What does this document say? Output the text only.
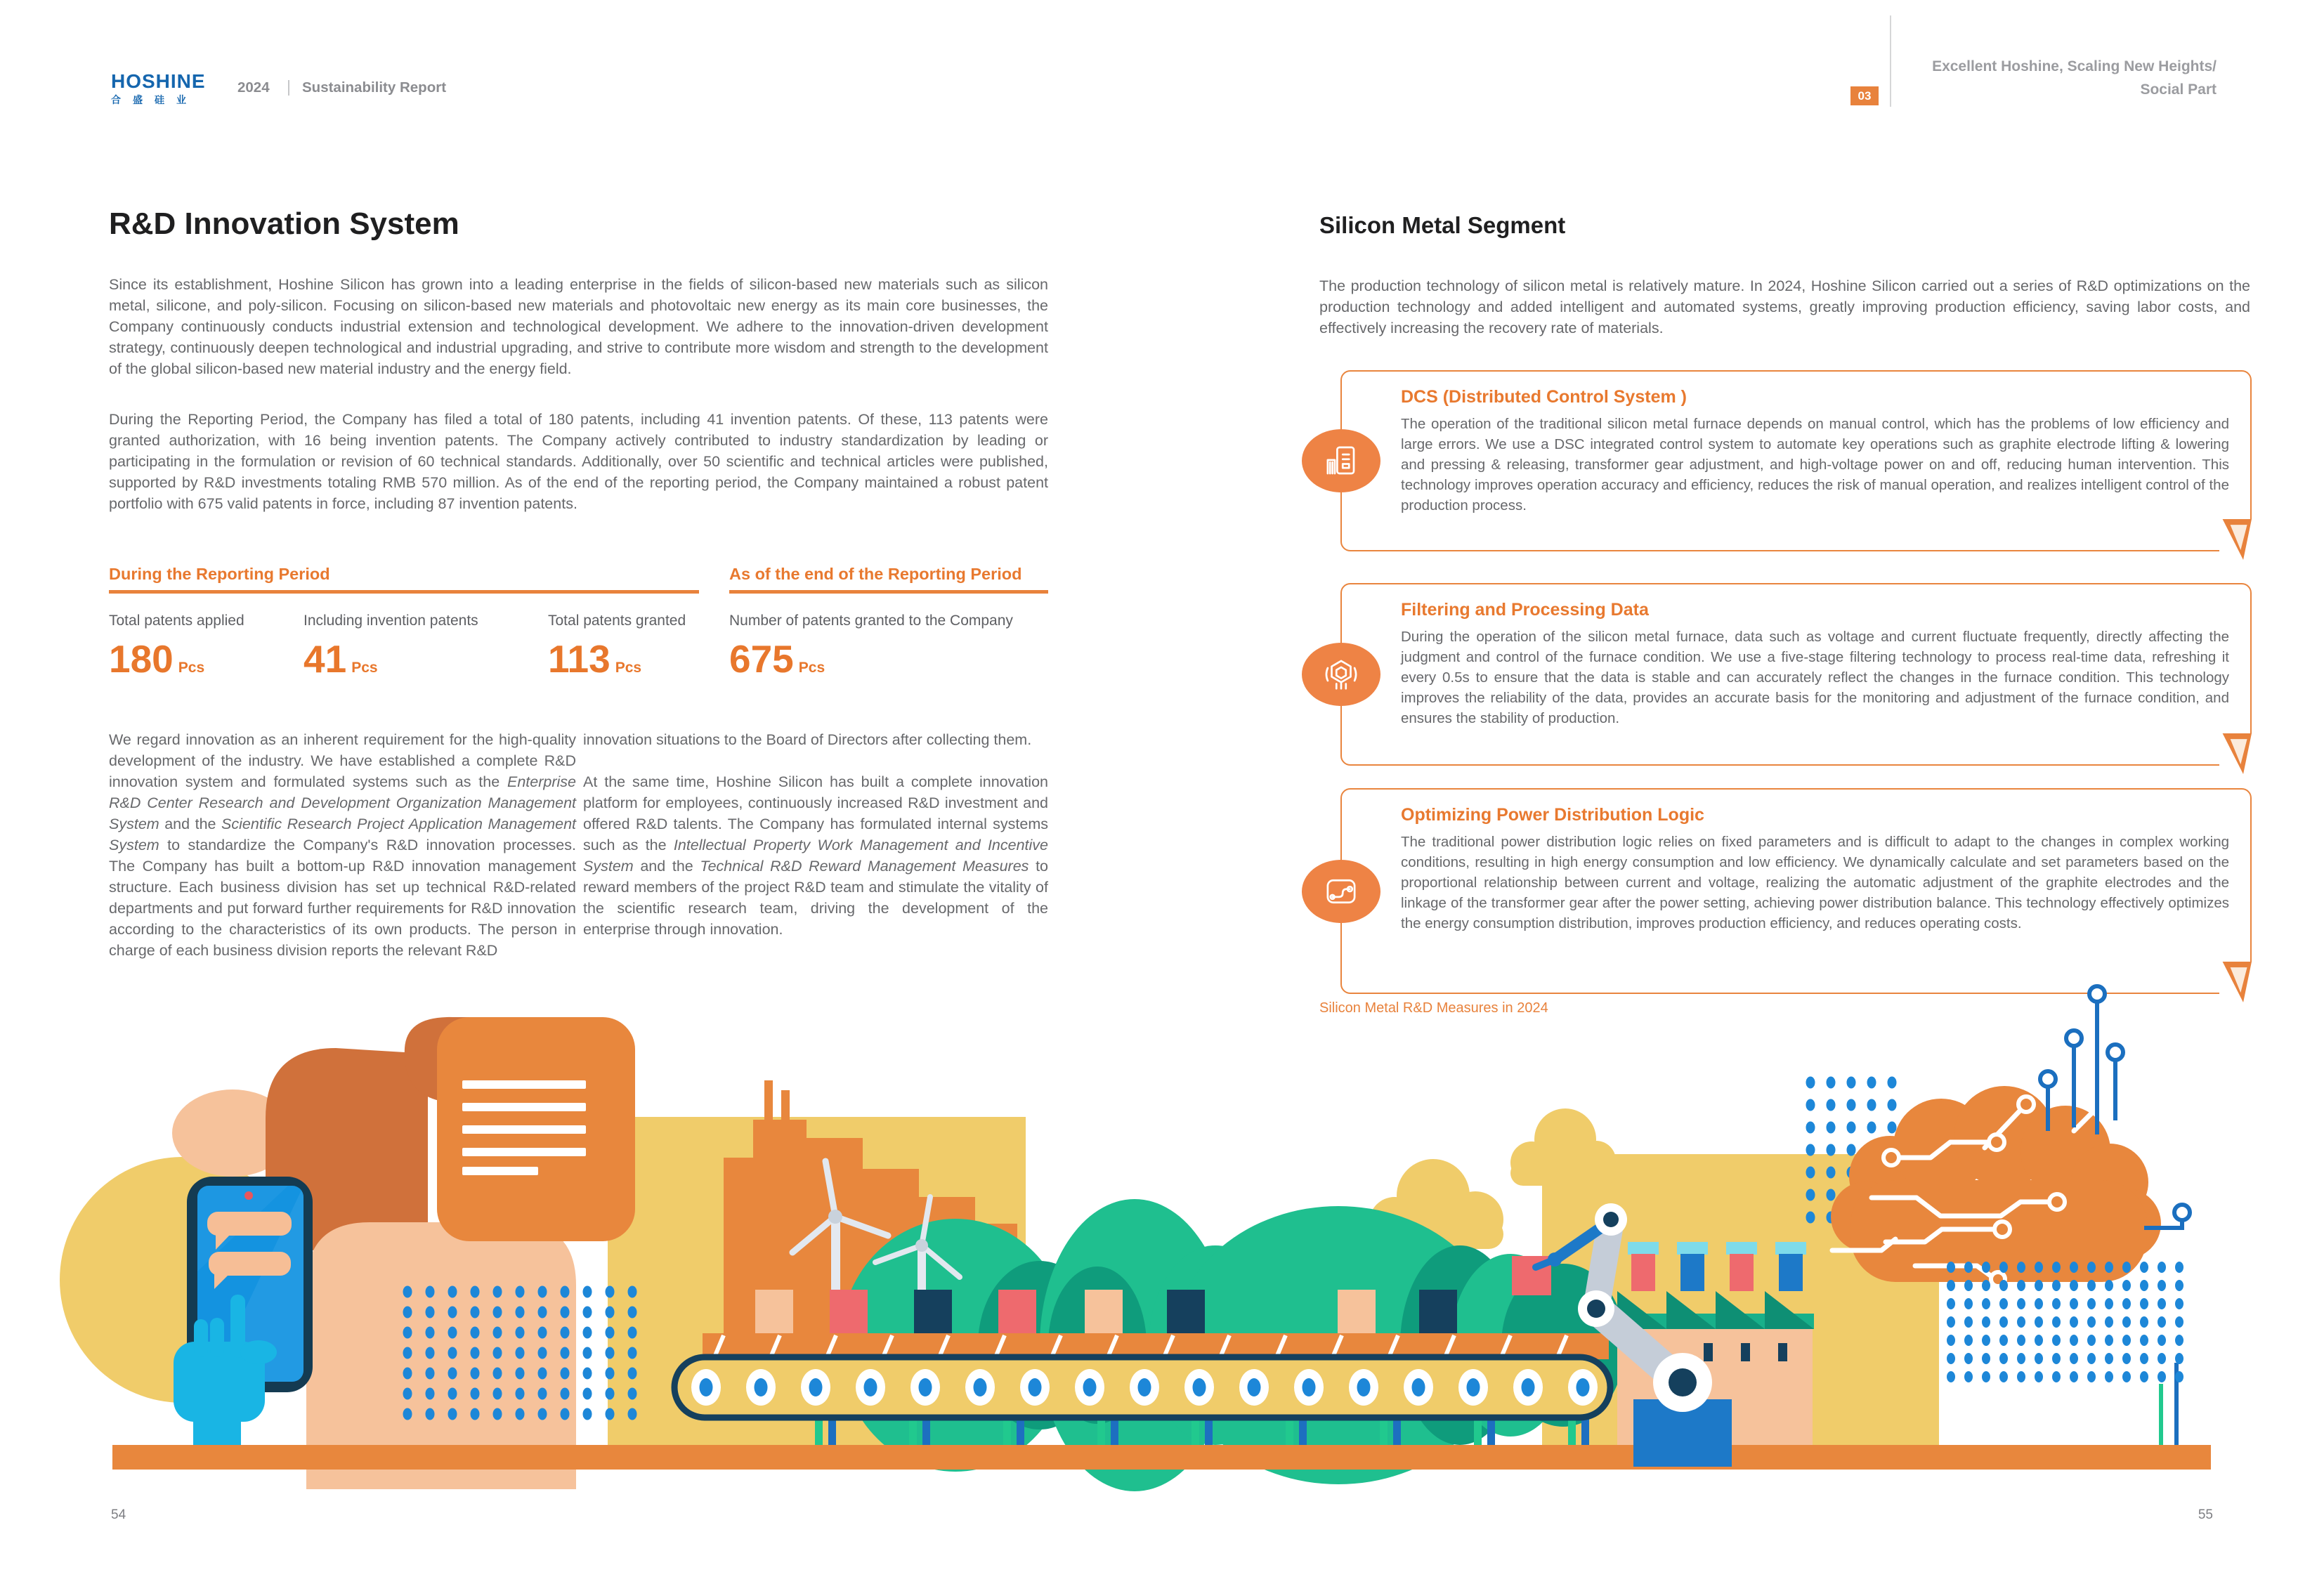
HOSHINE
合盛硅业
2024 Sustainability Report	03
Excellent Hoshine, Scaling New Heights/
Social Part
R&D Innovation System
Since its establishment, Hoshine Silicon has grown into a leading enterprise in the fields of silicon-based new materials such as silicon metal, silicone, and poly-silicon. Focusing on silicon-based new materials and photovoltaic new energy as its main core businesses, the Company continuously conducts industrial extension and technological development. We adhere to the innovation-driven development strategy, continuously deepen technological and industrial upgrading, and strive to contribute more wisdom and strength to the development of the global silicon-based new material industry and the energy field.
During the Reporting Period, the Company has filed a total of 180 patents, including 41 invention patents. Of these, 113 patents were granted authorization, with 16 being invention patents. The Company actively contributed to industry standardization by leading or participating in the formulation or revision of 60 technical standards. Additionally, over 50 scientific and technical articles were published, supported by R&D investments totaling RMB 570 million. As of the end of the reporting period, the Company maintained a robust patent portfolio with 675 valid patents in force, including 87 invention patents.
During the Reporting Period	As of the end of the Reporting Period
Total patents applied	Including invention patents	Total patents granted	Number of patents granted to the Company
180 Pcs	41 Pcs	113 Pcs 675 Pcs
We regard innovation as an inherent requirement for the high-quality development of the industry. We have established a complete R&D innovation system and formulated systems such as the Enterprise R&D Center Research and Development Organization Management System and the Scientific Research Project Application Management System to standardize the Company's R&D innovation processes. The Company has built a bottom-up R&D innovation management structure. Each business division has set up technical R&D-related departments and put forward further requirements for R&D innovation according to the characteristics of its own products. The person in charge of each business division reports the relevant R&D
innovation situations to the Board of Directors after collecting them.
At the same time, Hoshine Silicon has built a complete innovation platform for employees, continuously increased R&D investment and offered R&D talents. The Company has formulated internal systems such as the Intellectual Property Work Management and Incentive System and the Technical R&D Reward Management Measures to reward members of the project R&D team and stimulate the vitality of the scientific research team, driving the development of the enterprise through innovation.
54
Silicon Metal Segment
The production technology of silicon metal is relatively mature. In 2024, Hoshine Silicon carried out a series of R&D optimizations on the production technology and added intelligent and automated systems, greatly improving production efficiency, saving labor costs, and effectively increasing the recovery rate of materials.
DCS (Distributed Control System )
The operation of the traditional silicon metal furnace depends on manual control, which has the problems of low efficiency and large errors. We use a DSC integrated control system to automate key operations such as graphite electrode lifting & lowering and pressing & releasing, transformer gear adjustment, and high-voltage power on and off, reducing human intervention. This technology improves operation accuracy and efficiency, reduces the risk of manual operation, and realizes intelligent control of the production process.
Filtering and Processing Data
During the operation of the silicon metal furnace, data such as voltage and current fluctuate frequently, directly affecting the judgment and control of the furnace condition. We use a five-stage filtering technology to process real-time data, refreshing it every 0.5s to ensure that the data is stable and can accurately reflect the changes in the furnace condition. This technology improves the reliability of the data, provides an accurate basis for the monitoring and adjustment of the furnace condition, and ensures the stability of production.
Optimizing Power Distribution Logic
The traditional power distribution logic relies on fixed parameters and is difficult to adapt to the changes in complex working conditions, resulting in high energy consumption and low efficiency. We dynamically calculate and set parameters based on the proportional relationship between current and voltage, realizing the automatic adjustment of the graphite electrodes and the linkage of the transformer gear after the power setting, achieving power distribution balance. This technology effectively optimizes the energy consumption distribution, improves production efficiency, and reduces operating costs.
Silicon Metal R&D Measures in 2024
55
